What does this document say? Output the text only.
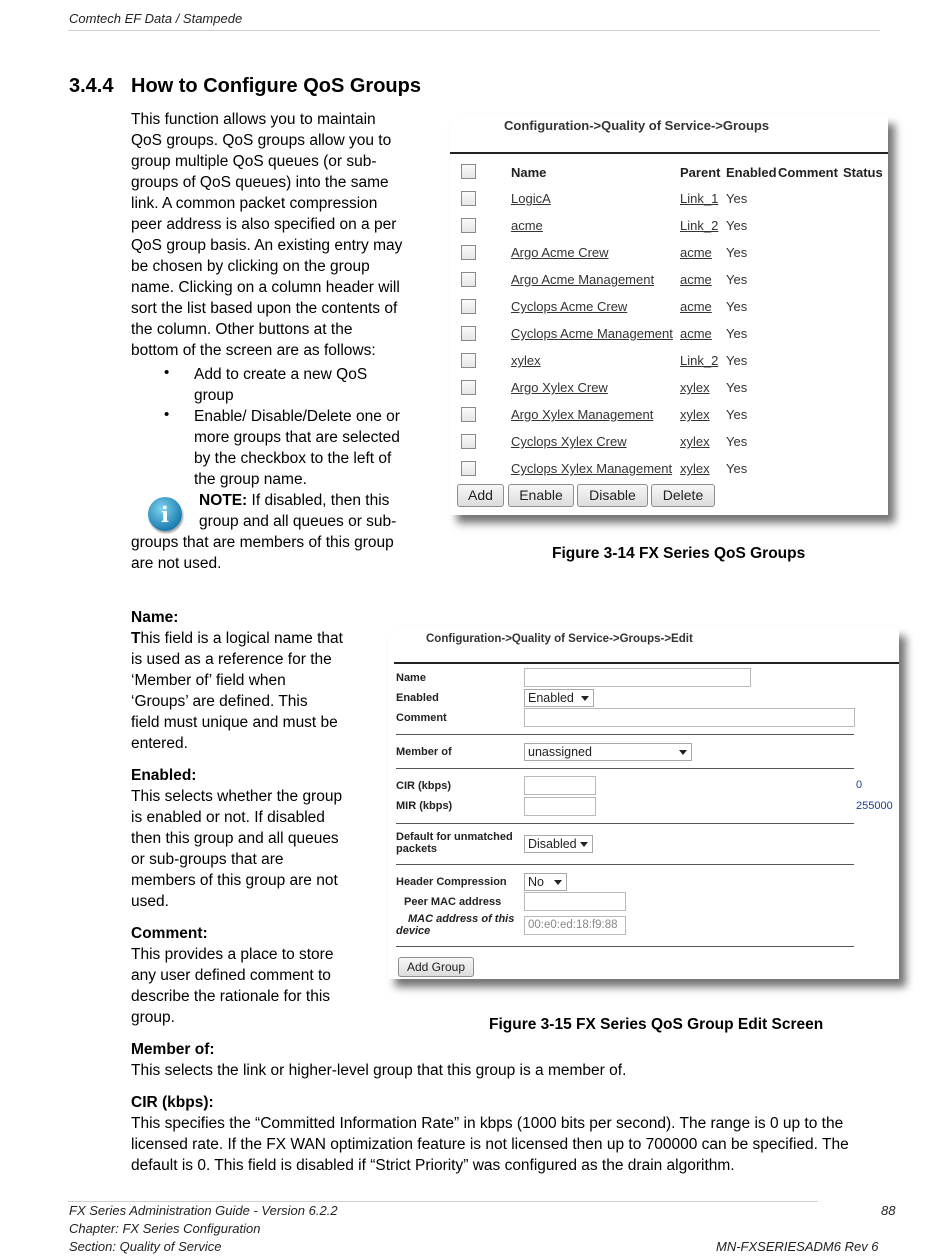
Comtech EF Data / Stampede
3.4.4 How to Configure QoS Groups
This function allows you to maintain
QoS groups. QoS groups allow you to
group multiple QoS queues (or sub-
groups of QoS queues) into the same
link. A common packet compression
peer address is also specified on a per
QoS group basis. An existing entry may
be chosen by clicking on the group
name. Clicking on a column header will
sort the list based upon the contents of
the column. Other buttons at the
bottom of the screen are as follows:
• Add to create a new QoS
group
• Enable/ Disable/Delete one or
more groups that are selected
by the checkbox to the left of
the group name.
i
NOTE: If disabled, then this
group and all queues or sub-
groups that are members of this group
are not used.
Configuration->Quality of Service->Groups
Name	Parent Enabled Comment Status
LogicA	Link_1 Yes
acme	Link_2 Yes
Argo Acme Crew	acme Yes
Argo Acme Management acme Yes
Cyclops Acme Crew	acme Yes
Cyclops Acme Management acme Yes
xylex	Link_2 Yes
Argo Xylex Crew	xylex Yes
Argo Xylex Management xylex Yes
Cyclops Xylex Crew	xylex Yes
Cyclops Xylex Management xylex Yes
Add	Enable	Disable	Delete
Figure 3-14 FX Series QoS Groups
Name:
This field is a logical name that
is used as a reference for the
‘Member of’ field when
‘Groups’ are defined. This
field must unique and must be
entered.
Enabled:
This selects whether the group
is enabled or not. If disabled
then this group and all queues
or sub-groups that are
members of this group are not
used.
Comment:
This provides a place to store
any user defined comment to
describe the rationale for this
group.
Configuration->Quality of Service->Groups->Edit
Name
Enabled	Enabled
Comment
Member of	unassigned
CIR (kbps)	0
MIR (kbps)	255000
Default for unmatched
packets	Disabled
Header Compression	No
Peer MAC address
MAC address of this
device	00:e0:ed:18:f9:88
Add Group
Figure 3-15 FX Series QoS Group Edit Screen
Member of:
This selects the link or higher-level group that this group is a member of.
CIR (kbps):
This specifies the “Committed Information Rate” in kbps (1000 bits per second). The range is 0 up to the
licensed rate. If the FX WAN optimization feature is not licensed then up to 700000 can be specified. The
default is 0. This field is disabled if “Strict Priority” was configured as the drain algorithm.
FX Series Administration Guide - Version 6.2.2	88
Chapter: FX Series Configuration
Section: Quality of Service	MN-FXSERIESADM6 Rev 6
